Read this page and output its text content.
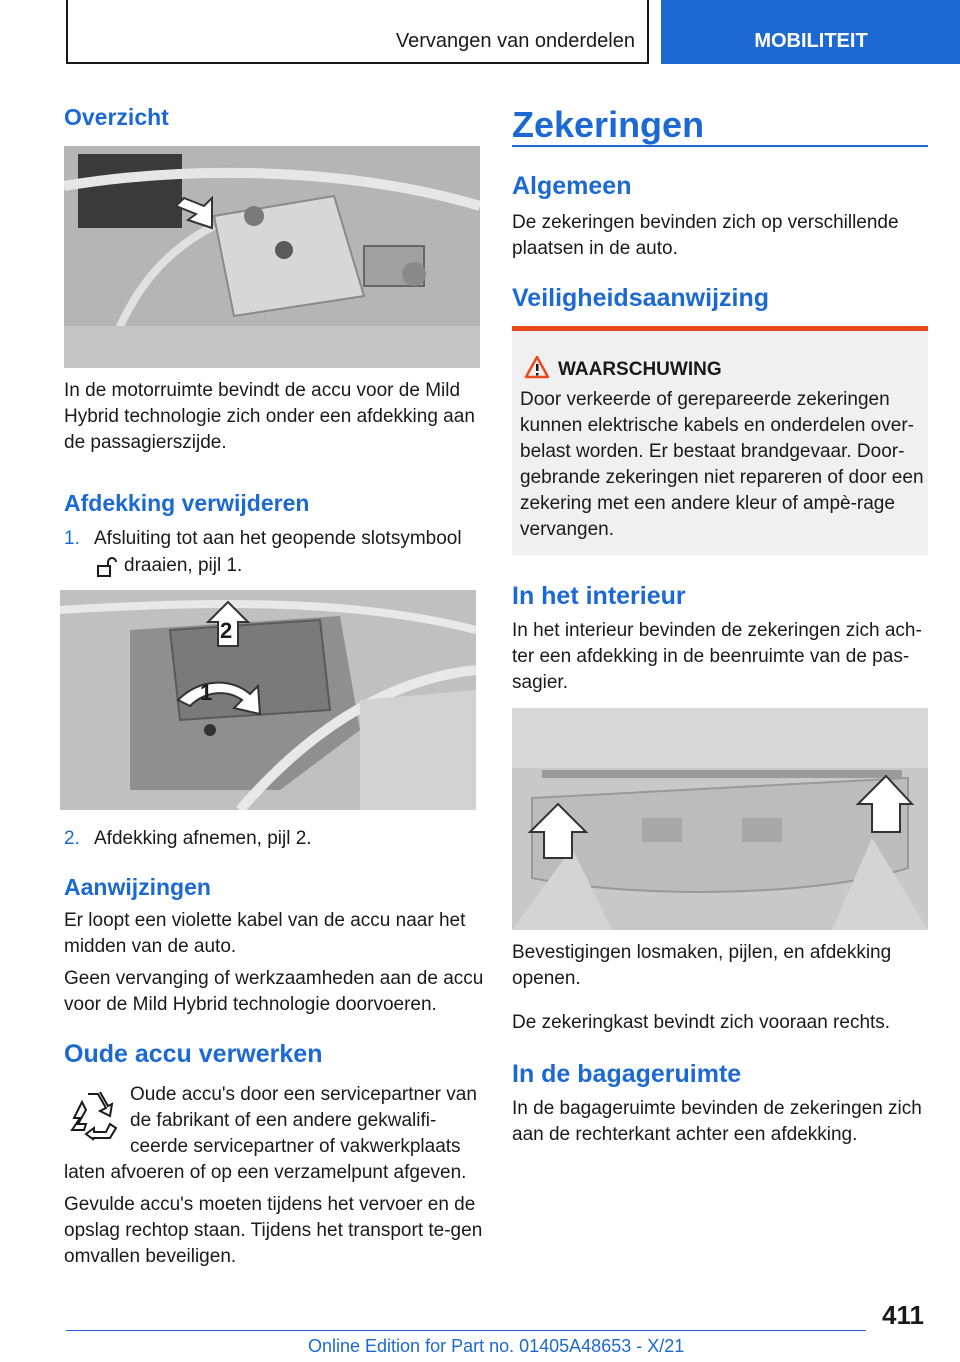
Vervangen van onderdelen	MOBILITEIT
Overzicht
In de motorruimte bevindt de accu voor de Mild Hybrid technologie zich onder een afdekking aan de passagierszijde.
Afdekking verwijderen
1. Afsluiting tot aan het geopende slotsymbool
draaien, pijl 1.
2
1
2. Afdekking afnemen, pijl 2.
Aanwijzingen
Er loopt een violette kabel van de accu naar het midden van de auto.
Geen vervanging of werkzaamheden aan de accu voor de Mild Hybrid technologie doorvoeren.
Oude accu verwerken
Oude accu's door een servicepartner van de fabrikant of een andere gekwalifi-ceerde servicepartner of vakwerkplaats
laten afvoeren of op een verzamelpunt afgeven.
Gevulde accu's moeten tijdens het vervoer en de opslag rechtop staan. Tijdens het transport te-gen omvallen beveiligen.
Zekeringen
Algemeen
De zekeringen bevinden zich op verschillende plaatsen in de auto.
Veiligheidsaanwijzing
WAARSCHUWING
Door verkeerde of gerepareerde zekeringen kunnen elektrische kabels en onderdelen over-belast worden. Er bestaat brandgevaar. Door-gebrande zekeringen niet repareren of door een zekering met een andere kleur of ampè-rage vervangen.
In het interieur
In het interieur bevinden de zekeringen zich ach-ter een afdekking in de beenruimte van de pas-sagier.
Bevestigingen losmaken, pijlen, en afdekking openen.
De zekeringkast bevindt zich vooraan rechts.
In de bagageruimte
In de bagageruimte bevinden de zekeringen zich aan de rechterkant achter een afdekking.
411
Online Edition for Part no. 01405A48653 - X/21
